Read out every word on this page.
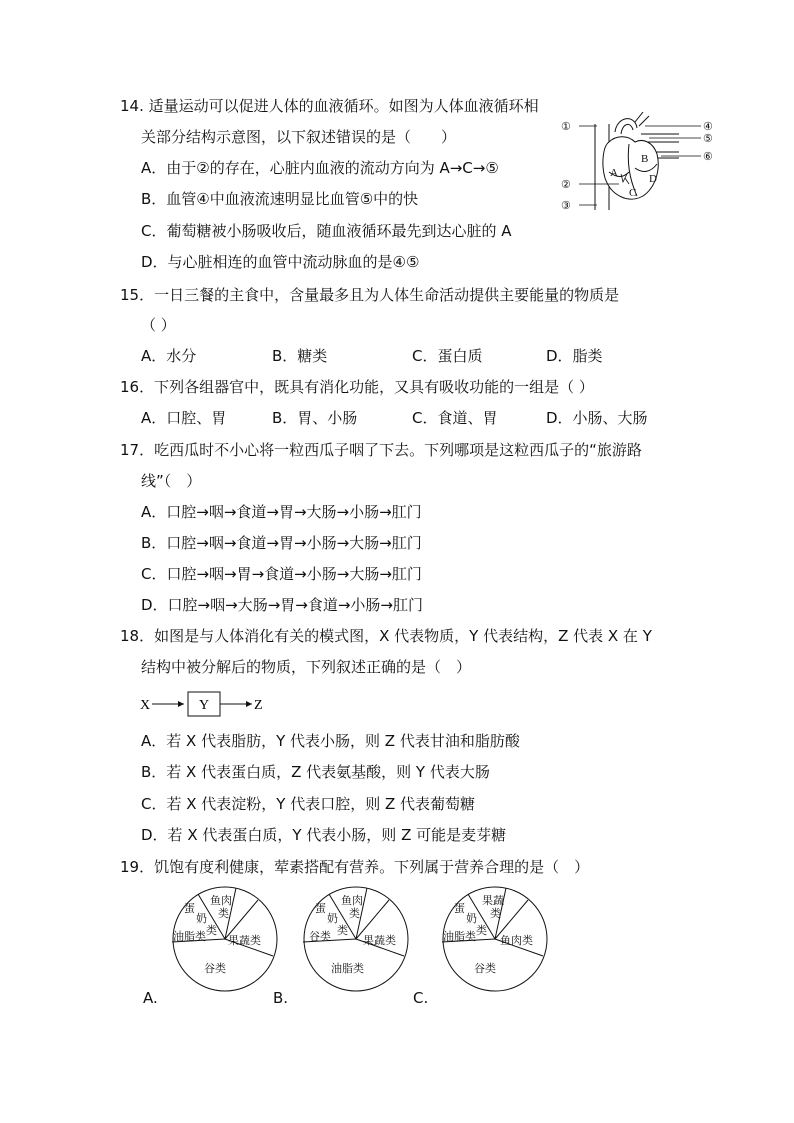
14. 适量运动可以促进人体的血液循环。如图为人体血液循环相
关部分结构示意图，以下叙述错误的是（　　）
A．由于②的存在，心脏内血液的流动方向为 A→C→⑤
B．血管④中血液流速明显比血管⑤中的快
C．葡萄糖被小肠吸收后，随血液循环最先到达心脏的 A
D．与心脏相连的血管中流动脉血的是④⑤
①
②
③
④
⑤
⑥
A
B
C
D
15．一日三餐的主食中，含量最多且为人体生命活动提供主要能量的物质是
（ ）
A．水分	B．糖类	C．蛋白质	D．脂类
16．下列各组器官中，既具有消化功能，又具有吸收功能的一组是（ ）
A．口腔、胃	B．胃、小肠	C．食道、胃	D．小肠、大肠
17．吃西瓜时不小心将一粒西瓜子咽了下去。下列哪项是这粒西瓜子的“旅游路
线”（　）
A．口腔→咽→食道→胃→大肠→小肠→肛门
B．口腔→咽→食道→胃→小肠→大肠→肛门
C．口腔→咽→胃→食道→小肠→大肠→肛门
D．口腔→咽→大肠→胃→食道→小肠→肛门
18．如图是与人体消化有关的模式图，X 代表物质，Y 代表结构，Z 代表 X 在 Y
结构中被分解后的物质，下列叙述正确的是（　）
X	Y	Z
A．若 X 代表脂肪，Y 代表小肠，则 Z 代表甘油和脂肪酸
B．若 X 代表蛋白质，Z 代表氨基酸，则 Y 代表大肠
C．若 X 代表淀粉，Y 代表口腔，则 Z 代表葡萄糖
D．若 X 代表蛋白质，Y 代表小肠，则 Z 可能是麦芽糖
19．饥饱有度利健康，荤素搭配有营养。下列属于营养合理的是（　）
蛋
奶
类
鱼肉
类
油脂类 果蔬类
谷类
A.
蛋
奶
类
鱼肉
类
谷类	果蔬类
油脂类
B.
蛋
奶
类
果蔬
类
油脂类 鱼肉类
谷类
C.
